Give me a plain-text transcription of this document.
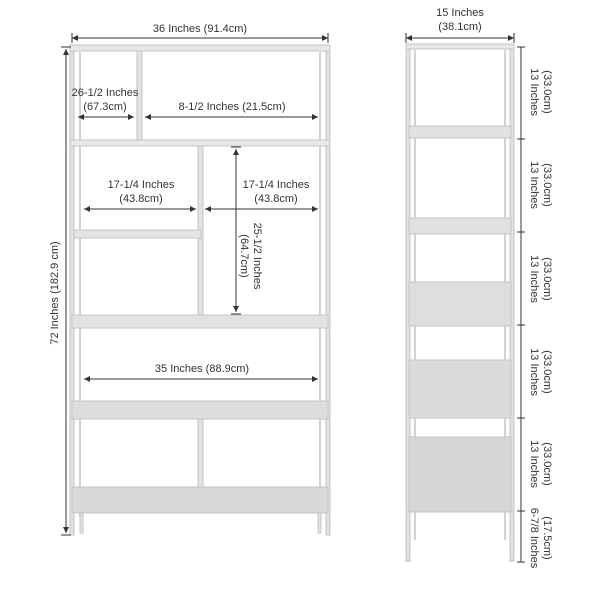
36 Inches (91.4cm)
72 Inches (182.9 cm)
26-1/2 Inches
(67.3cm)	8-1/2 Inches (21.5cm)
17-1/4 Inches
(43.8cm)
17-1/4 Inches
(43.8cm)
25-1/2 Inches
(64.7cm)
35 Inches (88.9cm)
15 Inches
(38.1cm)
13 Inches (33.0cm)
13 Inches (33.0cm)
13 Inches (33.0cm)
13 Inches (33.0cm)
13 Inches (33.0cm)
6-7/8 Inches (17.5cm)
